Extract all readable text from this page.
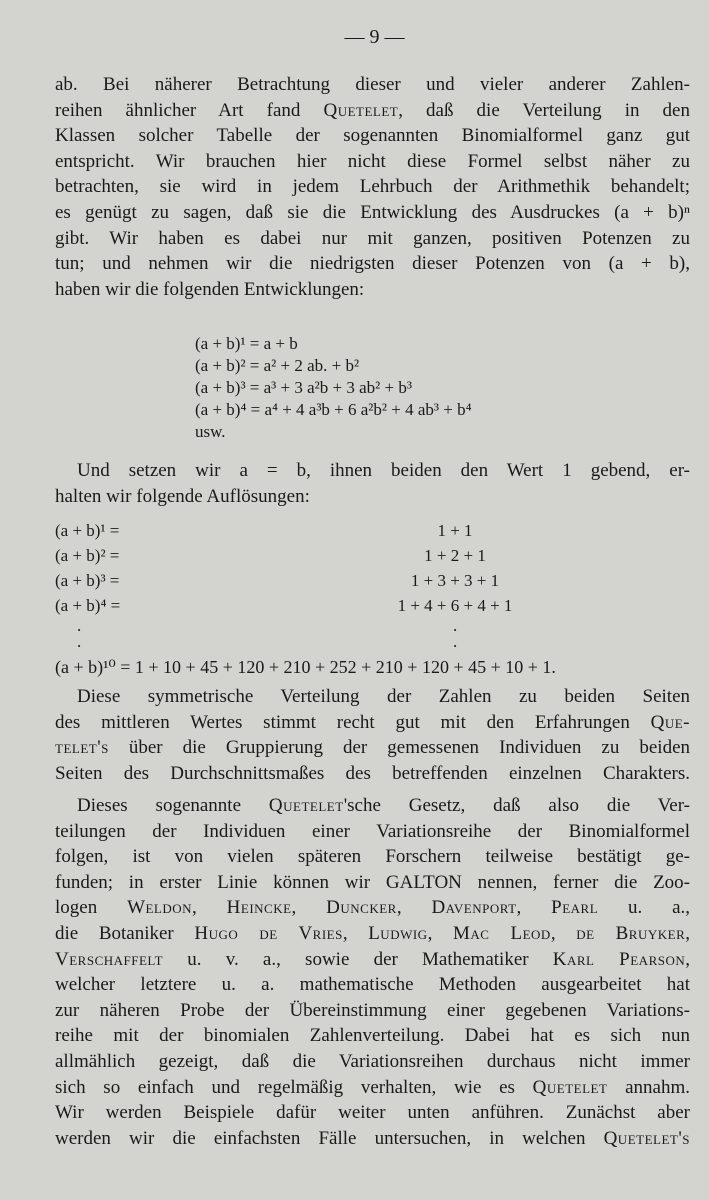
— 9 —
ab. Bei näherer Betrachtung dieser und vieler anderer Zahlen-
reihen ähnlicher Art fand Quetelet, daß die Verteilung in den
Klassen solcher Tabelle der sogenannten Binomialformel ganz gut
entspricht. Wir brauchen hier nicht diese Formel selbst näher zu
betrachten, sie wird in jedem Lehrbuch der Arithmethik behandelt;
es genügt zu sagen, daß sie die Entwicklung des Ausdruckes (a + b)ⁿ
gibt. Wir haben es dabei nur mit ganzen, positiven Potenzen zu
tun; und nehmen wir die niedrigsten dieser Potenzen von (a + b),
haben wir die folgenden Entwicklungen:
(a + b)¹ = a + b
(a + b)² = a² + 2 ab. + b²
(a + b)³ = a³ + 3 a²b + 3 ab² + b³
(a + b)⁴ = a⁴ + 4 a³b + 6 a²b² + 4 ab³ + b⁴
usw.
Und setzen wir a = b, ihnen beiden den Wert 1 gebend, er-
halten wir folgende Auflösungen:
(a + b)¹ =	1 + 1
(a + b)² =	1 + 2 + 1
(a + b)³ =	1 + 3 + 3 + 1
(a + b)⁴ =	1 + 4 + 6 + 4 + 1
.	.
.	.
(a + b)¹⁰ = 1 + 10 + 45 + 120 + 210 + 252 + 210 + 120 + 45 + 10 + 1.
Diese symmetrische Verteilung der Zahlen zu beiden Seiten
des mittleren Wertes stimmt recht gut mit den Erfahrungen Que-
telet's über die Gruppierung der gemessenen Individuen zu beiden
Seiten des Durchschnittsmaßes des betreffenden einzelnen Charakters.
Dieses sogenannte Quetelet'sche Gesetz, daß also die Ver-
teilungen der Individuen einer Variationsreihe der Binomialformel
folgen, ist von vielen späteren Forschern teilweise bestätigt ge-
funden; in erster Linie können wir GALTON nennen, ferner die Zoo-
logen Weldon, Heincke, Duncker, Davenport, Pearl u. a.,
die Botaniker Hugo de Vries, Ludwig, Mac Leod, de Bruyker,
Verschaffelt u. v. a., sowie der Mathematiker Karl Pearson,
welcher letztere u. a. mathematische Methoden ausgearbeitet hat
zur näheren Probe der Übereinstimmung einer gegebenen Variations-
reihe mit der binomialen Zahlenverteilung. Dabei hat es sich nun
allmählich gezeigt, daß die Variationsreihen durchaus nicht immer
sich so einfach und regelmäßig verhalten, wie es Quetelet annahm.
Wir werden Beispiele dafür weiter unten anführen. Zunächst aber
werden wir die einfachsten Fälle untersuchen, in welchen Quetelet's
